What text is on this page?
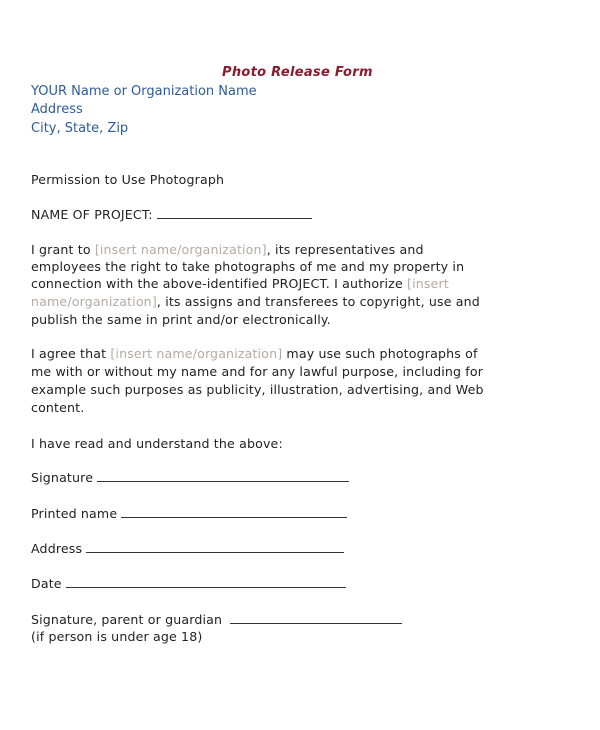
Photo Release Form
YOUR Name or Organization Name
Address
City, State, Zip
Permission to Use Photograph
NAME OF PROJECT:
I grant to [insert name/organization], its representatives and
employees the right to take photographs of me and my property in
connection with the above-identified PROJECT. I authorize [insert
name/organization], its assigns and transferees to copyright, use and
publish the same in print and/or electronically.
I agree that [insert name/organization] may use such photographs of
me with or without my name and for any lawful purpose, including for
example such purposes as publicity, illustration, advertising, and Web
content.
I have read and understand the above:
Signature
Printed name
Address
Date
Signature, parent or guardian
(if person is under age 18)
